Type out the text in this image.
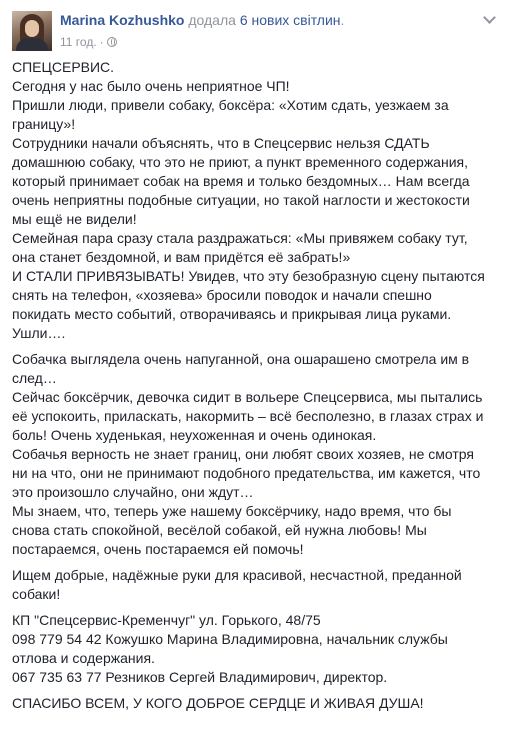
Marina Kozhushko додала 6 нових світлин.
11 год. ·

СПЕЦСЕРВИС.
Сегодня у нас было очень неприятное ЧП!
Пришли люди, привели собаку, боксёра: «Хотим сдать, уезжаем за
границу»!
Сотрудники начали объяснять, что в Спецсервис нельзя СДАТЬ
домашнюю собаку, что это не приют, а пункт временного содержания,
который принимает собак на время и только бездомных… Нам всегда
очень неприятны подобные ситуации, но такой наглости и жестокости
мы ещё не видели!
Семейная пара сразу стала раздражаться: «Мы привяжем собаку тут,
она станет бездомной, и вам придётся её забрать!»
И СТАЛИ ПРИВЯЗЫВАТЬ! Увидев, что эту безобразную сцену пытаются
снять на телефон, «хозяева» бросили поводок и начали спешно
покидать место событий, отворачиваясь и прикрывая лица руками.
Ушли….

Собачка выглядела очень напуганной, она ошарашено смотрела им в
след…
Сейчас боксёрчик, девочка сидит в вольере Спецсервиса, мы пытались
её успокоить, приласкать, накормить – всё бесполезно, в глазах страх и
боль! Очень худенькая, неухоженная и очень одинокая.
Собачья верность не знает границ, они любят своих хозяев, не смотря
ни на что, они не принимают подобного предательства, им кажется, что
это произошло случайно, они ждут…
Мы знаем, что, теперь уже нашему боксёрчику, надо время, что бы
снова стать спокойной, весёлой собакой, ей нужна любовь! Мы
постараемся, очень постараемся ей помочь!

Ищем добрые, надёжные руки для красивой, несчастной, преданной
собаки!

КП "Спецсервис-Кременчуг" ул. Горького, 48/75
098 779 54 42 Кожушко Марина Владимировна, начальник службы
отлова и содержания.
067 735 63 77 Резников Сергей Владимирович, директор.

СПАСИБО ВСЕМ, У КОГО ДОБРОЕ СЕРДЦЕ И ЖИВАЯ ДУША!
